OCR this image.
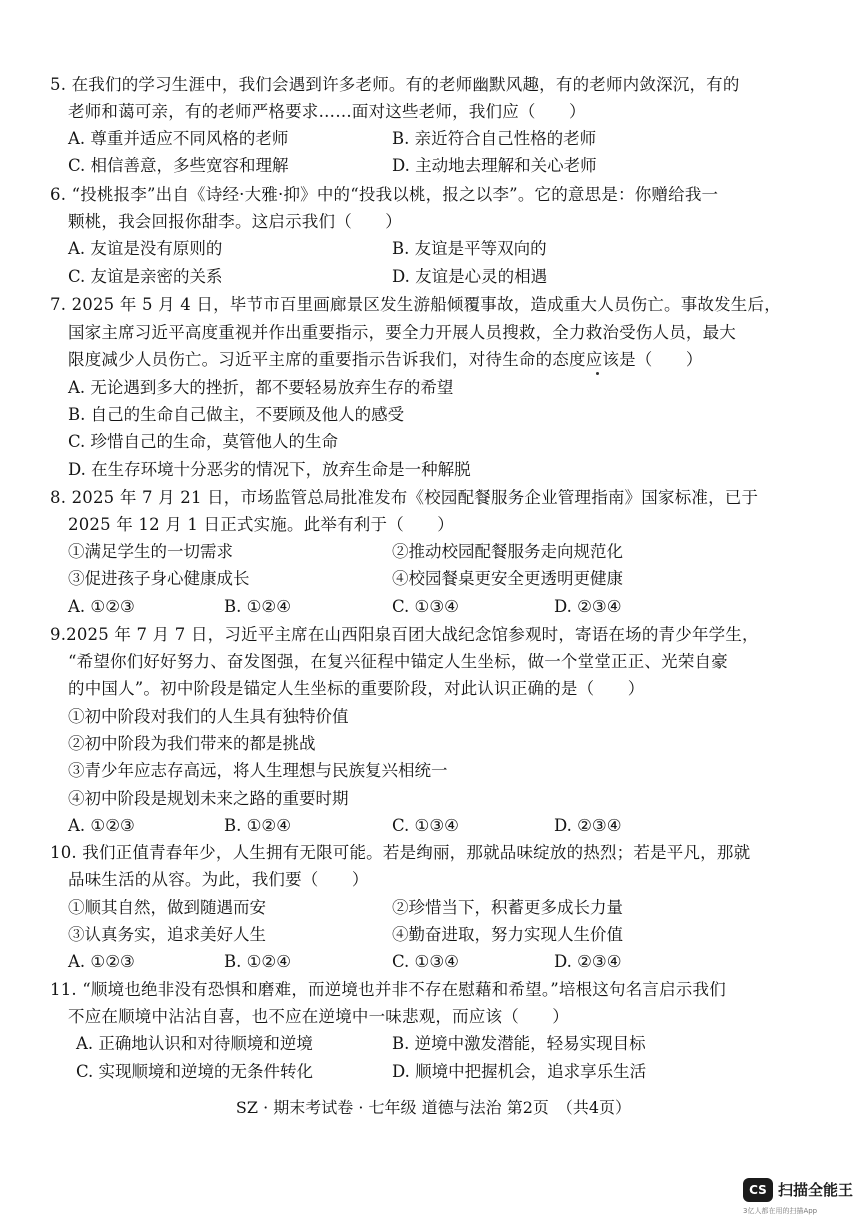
5. 在我们的学习生涯中，我们会遇到许多老师。有的老师幽默风趣，有的老师内敛深沉，有的
老师和蔼可亲，有的老师严格要求……面对这些老师，我们应（　　）
A. 尊重并适应不同风格的老师	B. 亲近符合自己性格的老师
C. 相信善意，多些宽容和理解	D. 主动地去理解和关心老师
6. “投桃报李”出自《诗经·大雅·抑》中的“投我以桃，报之以李”。它的意思是：你赠给我一
颗桃，我会回报你甜李。这启示我们（　　）
A. 友谊是没有原则的	B. 友谊是平等双向的
C. 友谊是亲密的关系	D. 友谊是心灵的相遇
7. 2025 年 5 月 4 日，毕节市百里画廊景区发生游船倾覆事故，造成重大人员伤亡。事故发生后，
国家主席习近平高度重视并作出重要指示，要全力开展人员搜救，全力救治受伤人员，最大
限度减少人员伤亡。习近平主席的重要指示告诉我们，对待生命的态度应该是（　　）
A. 无论遇到多大的挫折，都不要轻易放弃生存的希望
B. 自己的生命自己做主，不要顾及他人的感受
C. 珍惜自己的生命，莫管他人的生命
D. 在生存环境十分恶劣的情况下，放弃生命是一种解脱
8. 2025 年 7 月 21 日，市场监管总局批准发布《校园配餐服务企业管理指南》国家标准，已于
2025 年 12 月 1 日正式实施。此举有利于（　　）
①满足学生的一切需求	②推动校园配餐服务走向规范化
③促进孩子身心健康成长	④校园餐桌更安全更透明更健康
A. ①②③	B. ①②④	C. ①③④	D. ②③④
9.2025 年 7 月 7 日，习近平主席在山西阳泉百团大战纪念馆参观时，寄语在场的青少年学生，
“希望你们好好努力、奋发图强，在复兴征程中锚定人生坐标，做一个堂堂正正、光荣自豪
的中国人”。初中阶段是锚定人生坐标的重要阶段，对此认识正确的是（　　）
①初中阶段对我们的人生具有独特价值
②初中阶段为我们带来的都是挑战
③青少年应志存高远，将人生理想与民族复兴相统一
④初中阶段是规划未来之路的重要时期
A. ①②③	B. ①②④	C. ①③④	D. ②③④
10. 我们正值青春年少，人生拥有无限可能。若是绚丽，那就品味绽放的热烈；若是平凡，那就
品味生活的从容。为此，我们要（　　）
①顺其自然，做到随遇而安	②珍惜当下，积蓄更多成长力量
③认真务实，追求美好人生	④勤奋进取，努力实现人生价值
A. ①②③	B. ①②④	C. ①③④	D. ②③④
11. “顺境也绝非没有恐惧和磨难，而逆境也并非不存在慰藉和希望。”培根这句名言启示我们
不应在顺境中沾沾自喜，也不应在逆境中一味悲观，而应该（　　）
A. 正确地认识和对待顺境和逆境	B. 逆境中激发潜能，轻易实现目标
C. 实现顺境和逆境的无条件转化	D. 顺境中把握机会，追求享乐生活
SZ · 期末考试卷 · 七年级 道德与法治 第2页　（共4页）
CS 扫描全能王
3亿人都在用的扫描App
